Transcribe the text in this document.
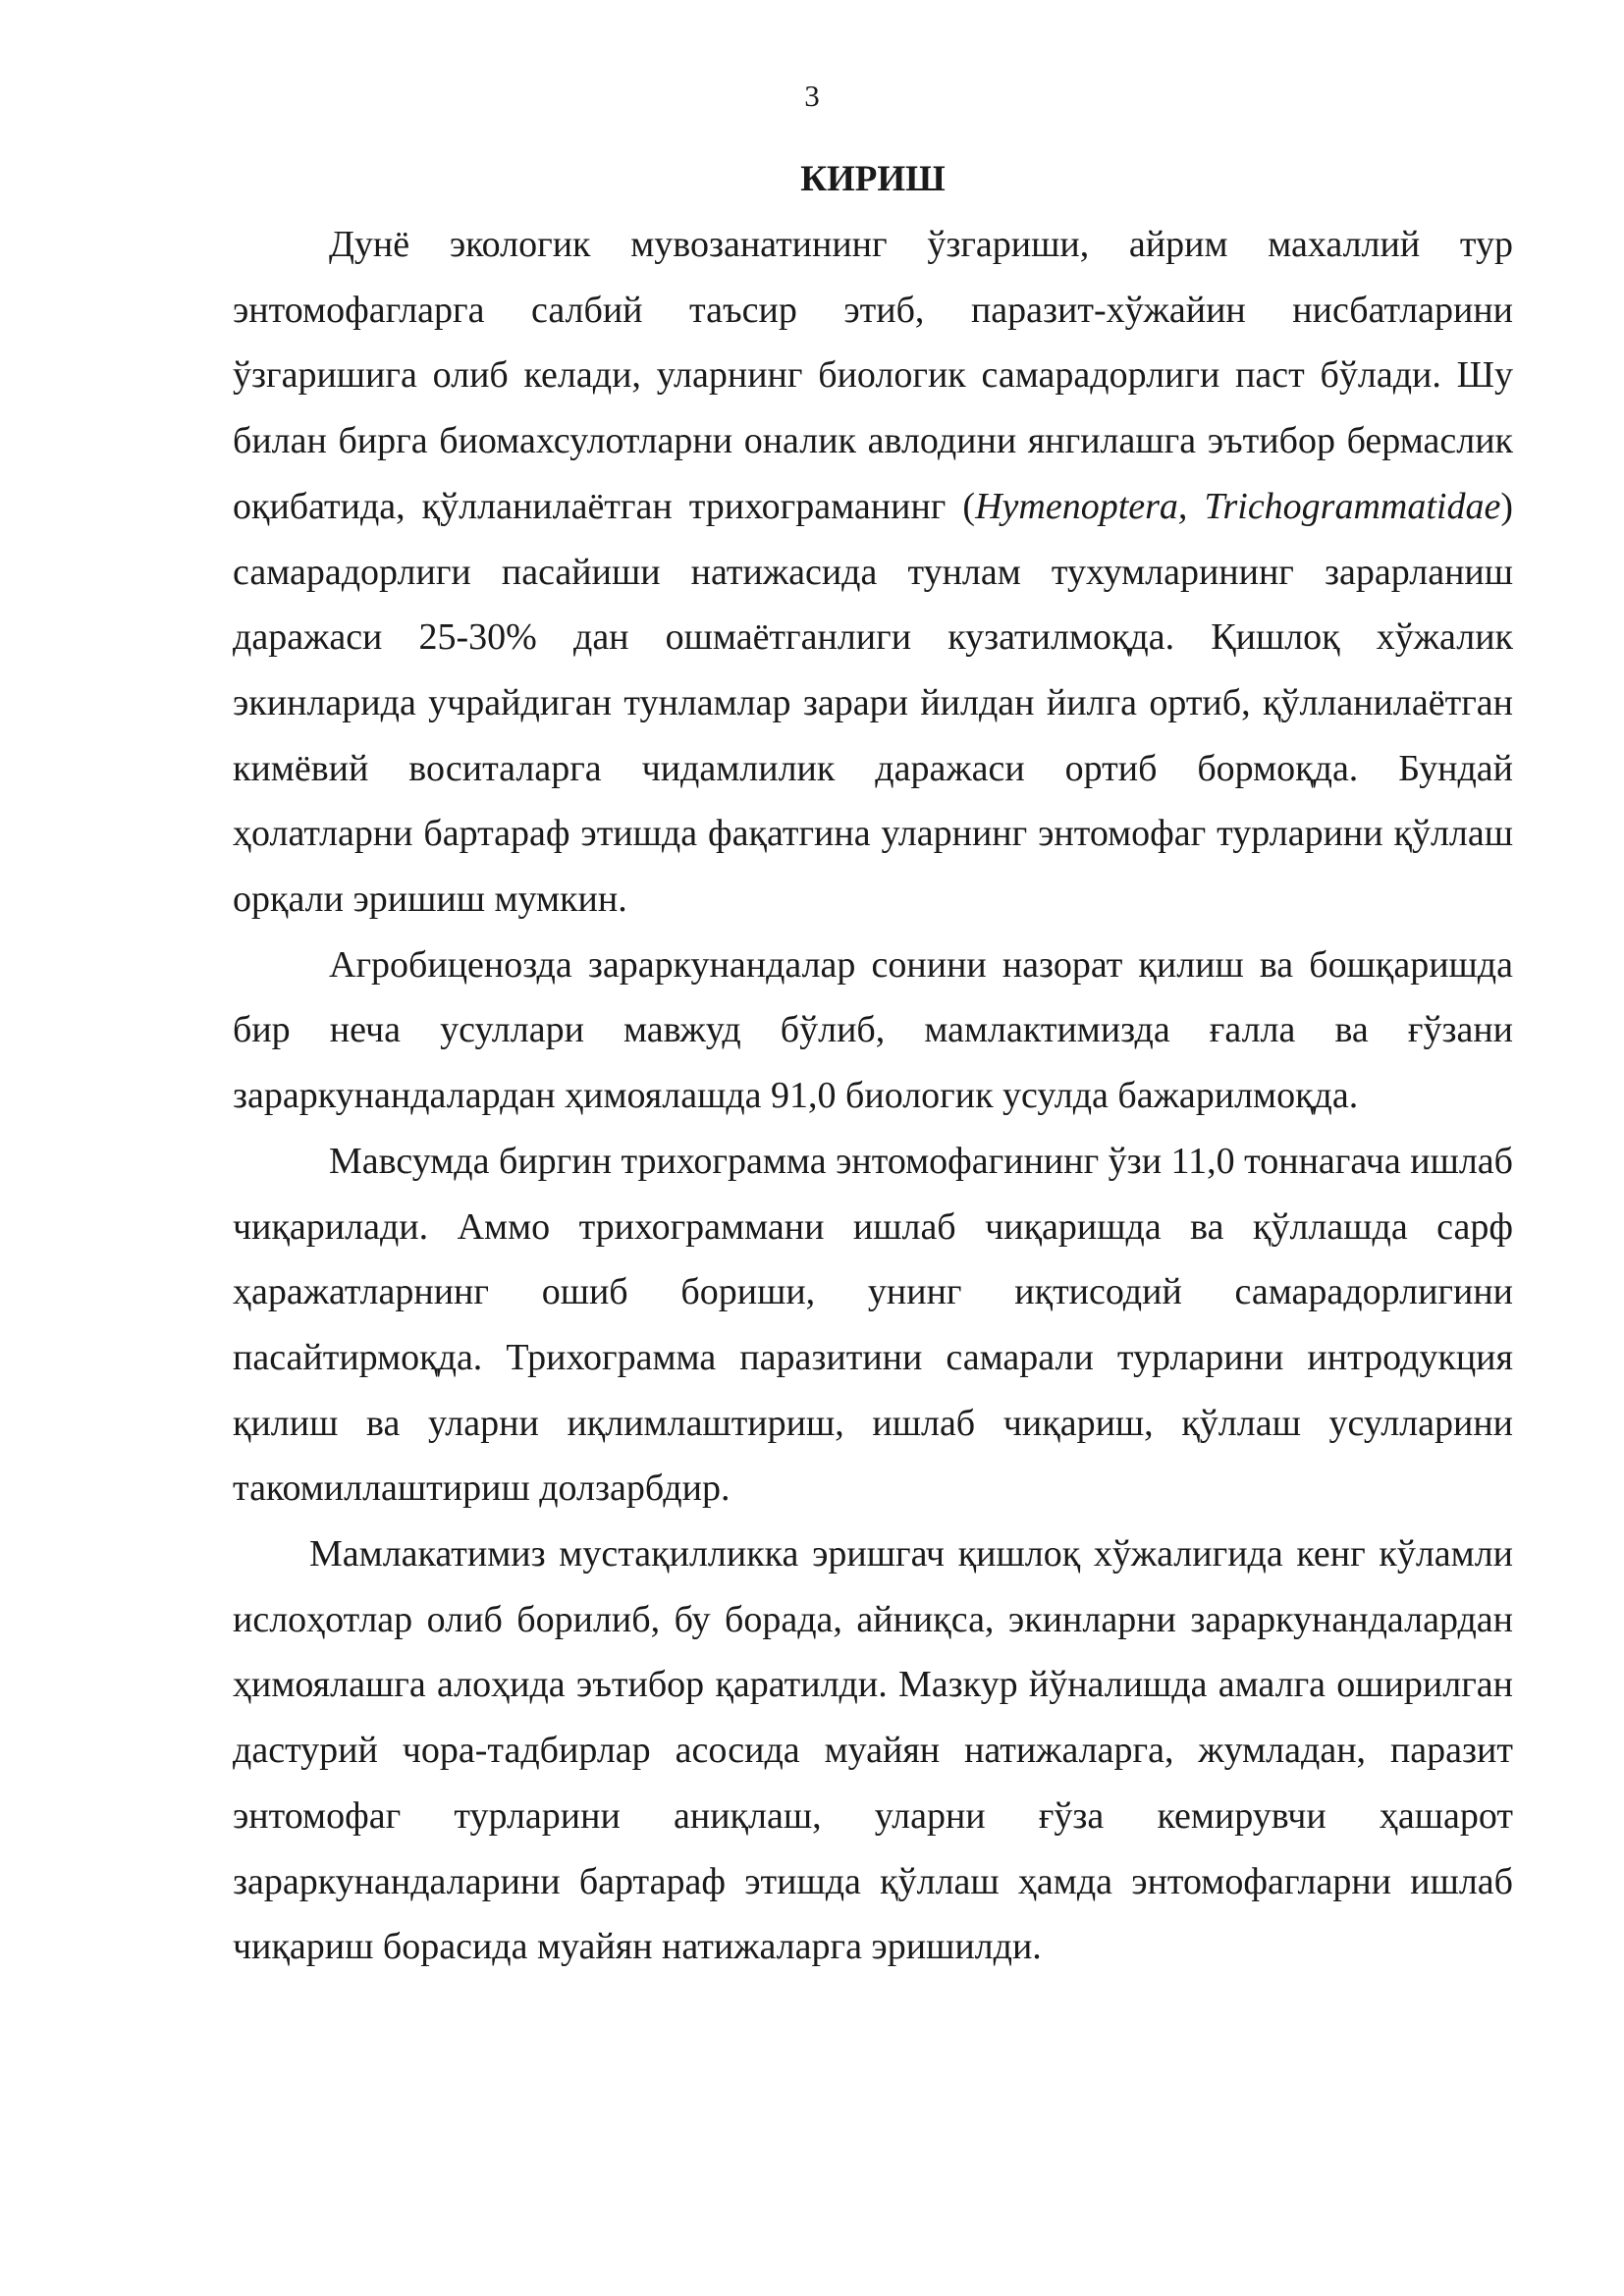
3
КИРИШ

Дунё экологик мувозанатининг ўзгариши, айрим махаллий тур энтомофагларга салбий таъсир этиб, паразит-хўжайин нисбатларини ўзгаришига олиб келади, уларнинг биологик самарадорлиги паст бўлади. Шу билан бирга биомахсулотларни оналик авлодини янгилашга эътибор бермаслик оқибатида, қўлланилаётган трихограманинг (Hymenoptera, Trichogrammatidae) самарадорлиги пасайиши натижасида тунлам тухумларининг зарарланиш даражаси 25-30% дан ошмаётганлиги кузатилмоқда. Қишлоқ хўжалик экинларида учрайдиган тунламлар зарари йилдан йилга ортиб, қўлланилаётган кимёвий воситаларга чидамлилик даражаси ортиб бормоқда. Бундай ҳолатларни бартараф этишда фақатгина уларнинг энтомофаг турларини қўллаш орқали эришиш мумкин.

Агробиценозда зараркунандалар сонини назорат қилиш ва бошқаришда бир неча усуллари мавжуд бўлиб, мамлактимизда ғалла ва ғўзани зараркунандалардан ҳимоялашда 91,0 биологик усулда бажарилмоқда.

Мавсумда биргин трихограмма энтомофагининг ўзи 11,0 тоннагача ишлаб чиқарилади. Аммо трихограммани ишлаб чиқаришда ва қўллашда сарф ҳаражатларнинг ошиб бориши, унинг иқтисодий самарадорлигини пасайтирмоқда. Трихограмма паразитини самарали турларини интродукция қилиш ва уларни иқлимлаштириш, ишлаб чиқариш, қўллаш усулларини такомиллаштириш долзарбдир.

Мамлакатимиз мустақилликка эришгач қишлоқ хўжалигида кенг кўламли ислоҳотлар олиб борилиб, бу борада, айниқса, экинларни зараркунандалардан ҳимоялашга алоҳида эътибор қаратилди. Мазкур йўналишда амалга оширилган дастурий чора-тадбирлар асосида муайян натижаларга, жумладан, паразит энтомофаг турларини аниқлаш, уларни ғўза кемирувчи ҳашарот зараркунандаларини бартараф этишда қўллаш ҳамда энтомофагларни ишлаб чиқариш борасида муайян натижаларга эришилди.
